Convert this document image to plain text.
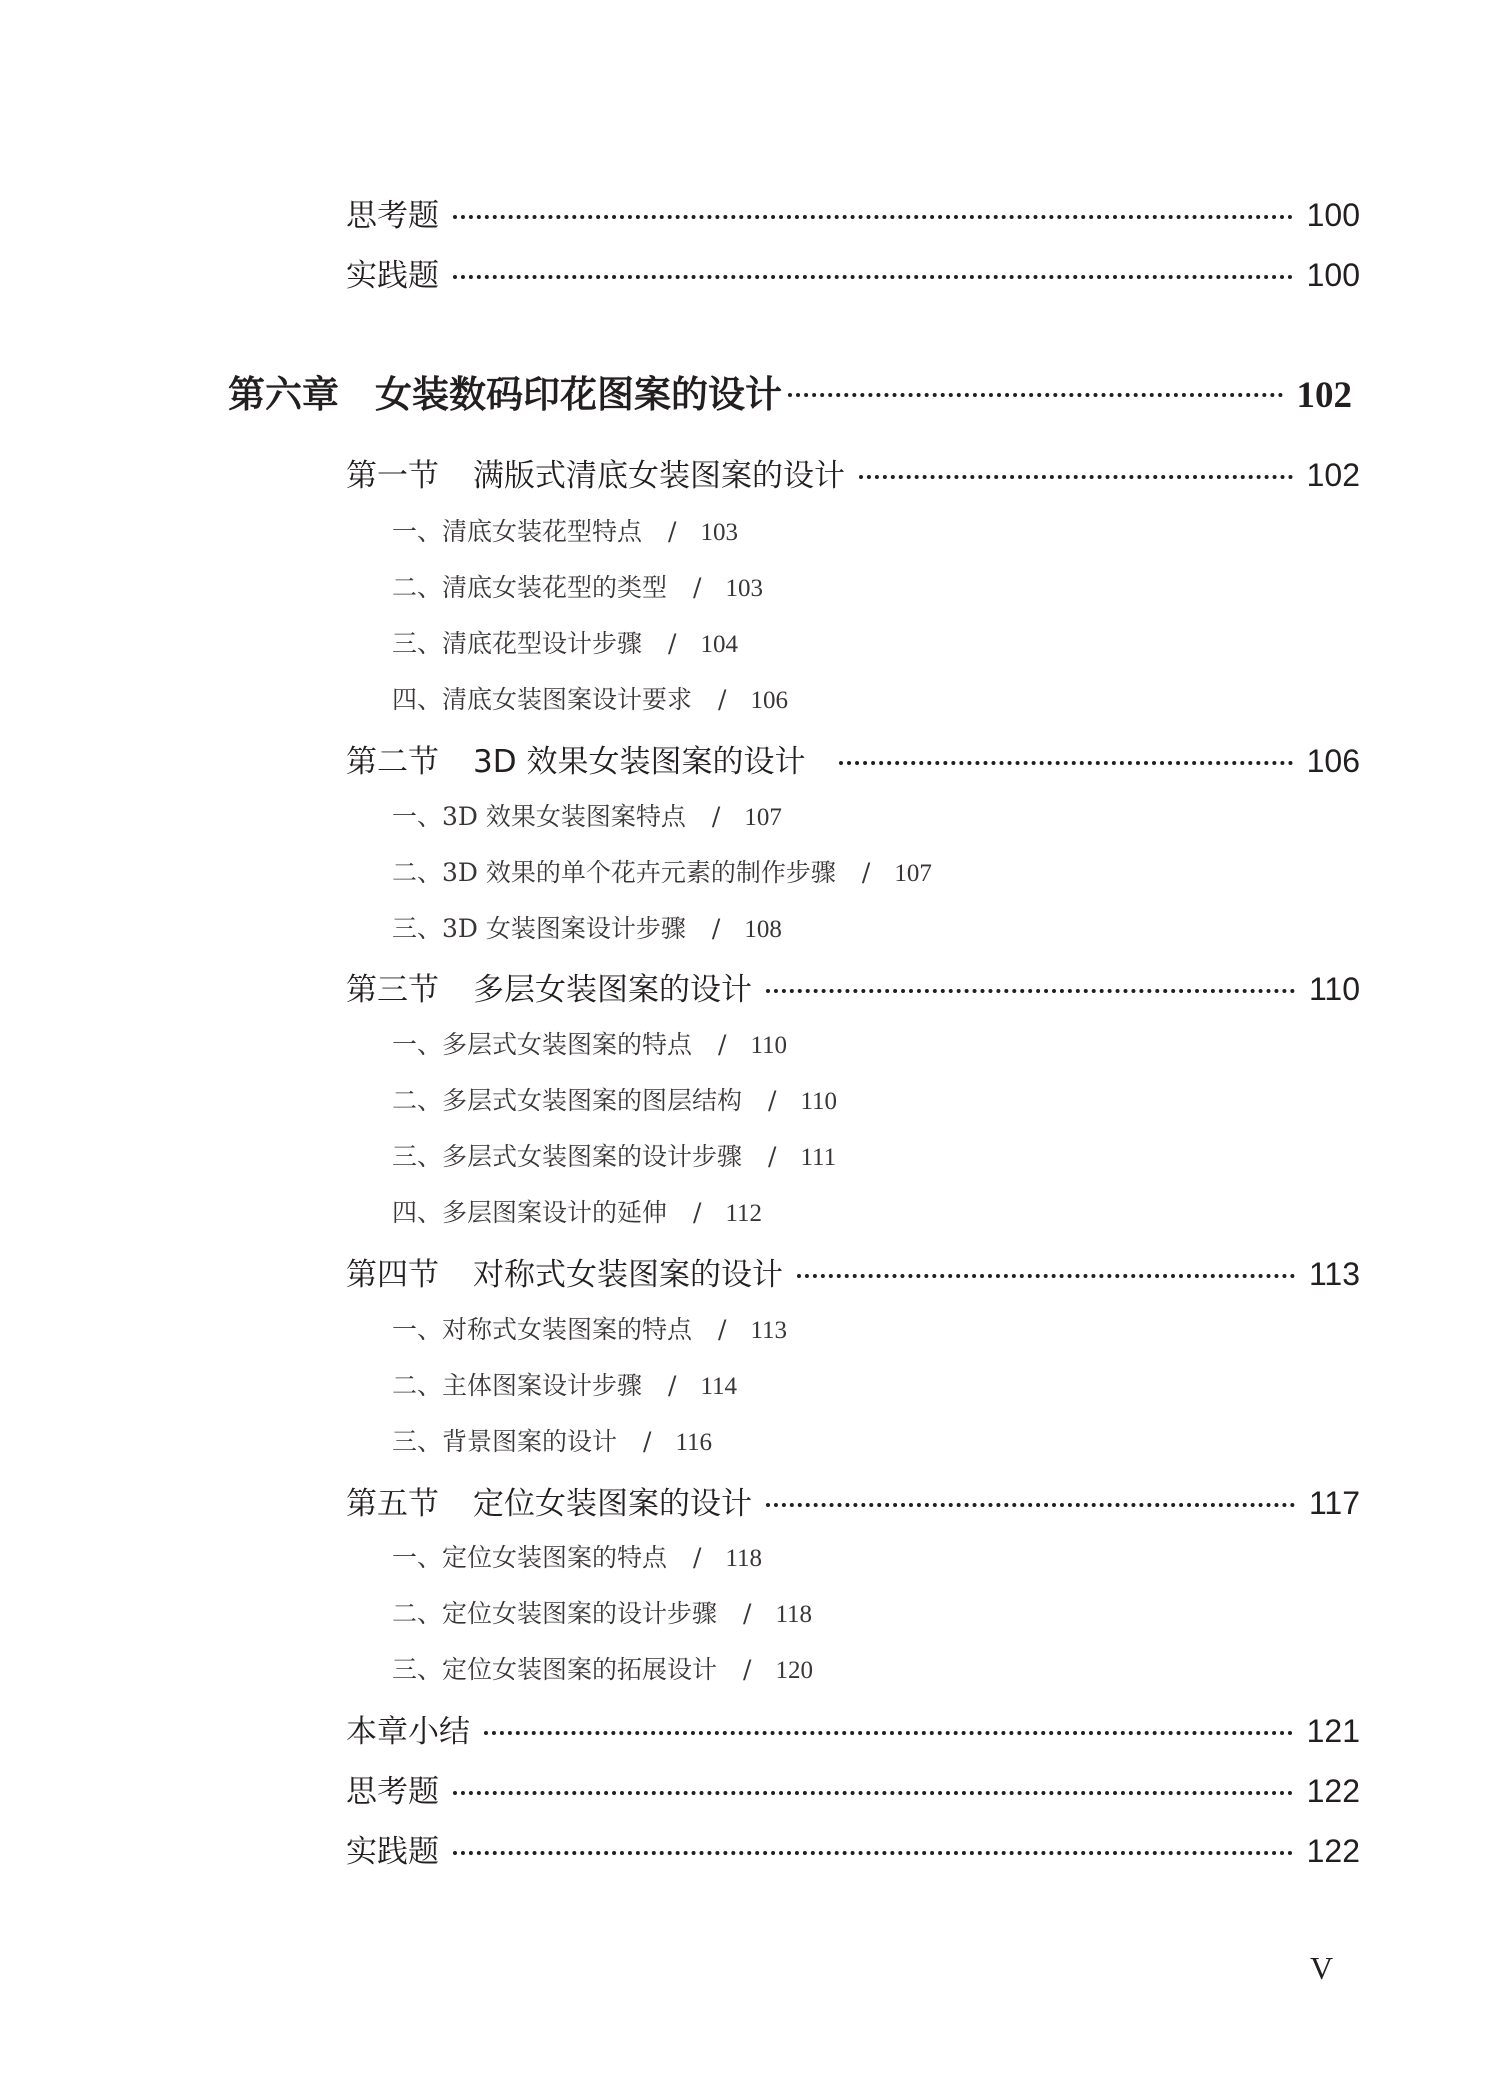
思考题	100
实践题	100
第六章 女装数码印花图案的设计	102
第一节 满版式清底女装图案的设计	102
一、清底女装花型特点 / 103
二、清底女装花型的类型 / 103
三、清底花型设计步骤 / 104
四、清底女装图案设计要求 / 106
第二节 3D 效果女装图案的设计	106
一、3D 效果女装图案特点 / 107
二、3D 效果的单个花卉元素的制作步骤 / 107
三、3D 女装图案设计步骤 / 108
第三节 多层女装图案的设计	110
一、多层式女装图案的特点 / 110
二、多层式女装图案的图层结构 / 110
三、多层式女装图案的设计步骤 / 111
四、多层图案设计的延伸 / 112
第四节 对称式女装图案的设计	113
一、对称式女装图案的特点 / 113
二、主体图案设计步骤 / 114
三、背景图案的设计 / 116
第五节 定位女装图案的设计	117
一、定位女装图案的特点 / 118
二、定位女装图案的设计步骤 / 118
三、定位女装图案的拓展设计 / 120
本章小结	121
思考题	122
实践题	122
V
